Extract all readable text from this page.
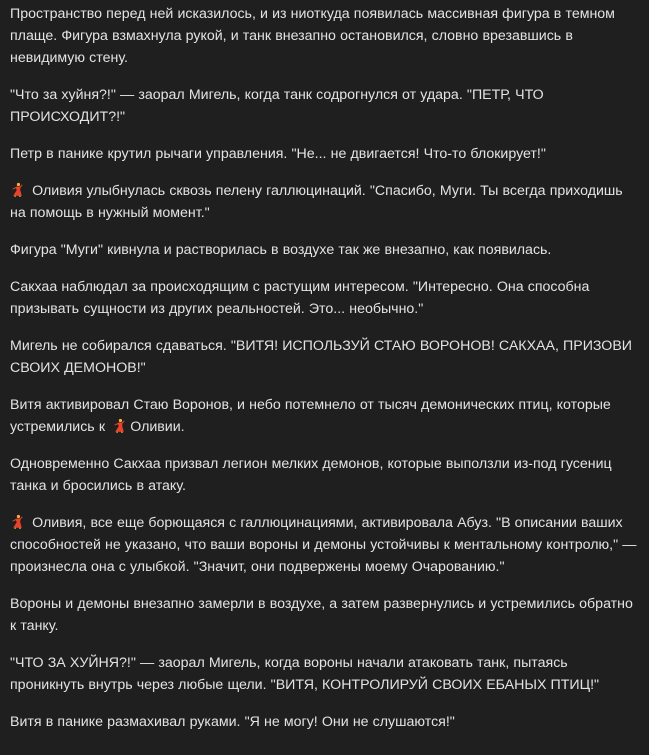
Пространство перед ней исказилось, и из ниоткуда появилась массивная фигура в темном плаще. Фигура взмахнула рукой, и танк внезапно остановился, словно врезавшись в невидимую стену.

"Что за хуйня?!" — заорал Мигель, когда танк содрогнулся от удара. "ПЕТР, ЧТО ПРОИСХОДИТ?!"

Петр в панике крутил рычаги управления. "Не... не двигается! Что-то блокирует!"

Оливия улыбнулась сквозь пелену галлюцинаций. "Спасибо, Муги. Ты всегда приходишь на помощь в нужный момент."

Фигура "Муги" кивнула и растворилась в воздухе так же внезапно, как появилась.

Сакхаа наблюдал за происходящим с растущим интересом. "Интересно. Она способна призывать сущности из других реальностей. Это... необычно."

Мигель не собирался сдаваться. "ВИТЯ! ИСПОЛЬЗУЙ СТАЮ ВОРОНОВ! САКХАА, ПРИЗОВИ СВОИХ ДЕМОНОВ!"

Витя активировал Стаю Воронов, и небо потемнело от тысяч демонических птиц, которые устремились к Оливии.

Одновременно Сакхаа призвал легион мелких демонов, которые выползли из-под гусениц танка и бросились в атаку.

Оливия, все еще борющаяся с галлюцинациями, активировала Абуз. "В описании ваших способностей не указано, что ваши вороны и демоны устойчивы к ментальному контролю," — произнесла она с улыбкой. "Значит, они подвержены моему Очарованию."

Вороны и демоны внезапно замерли в воздухе, а затем развернулись и устремились обратно к танку.

"ЧТО ЗА ХУЙНЯ?!" — заорал Мигель, когда вороны начали атаковать танк, пытаясь проникнуть внутрь через любые щели. "ВИТЯ, КОНТРОЛИРУЙ СВОИХ ЕБАНЫХ ПТИЦ!"

Витя в панике размахивал руками. "Я не могу! Они не слушаются!"
